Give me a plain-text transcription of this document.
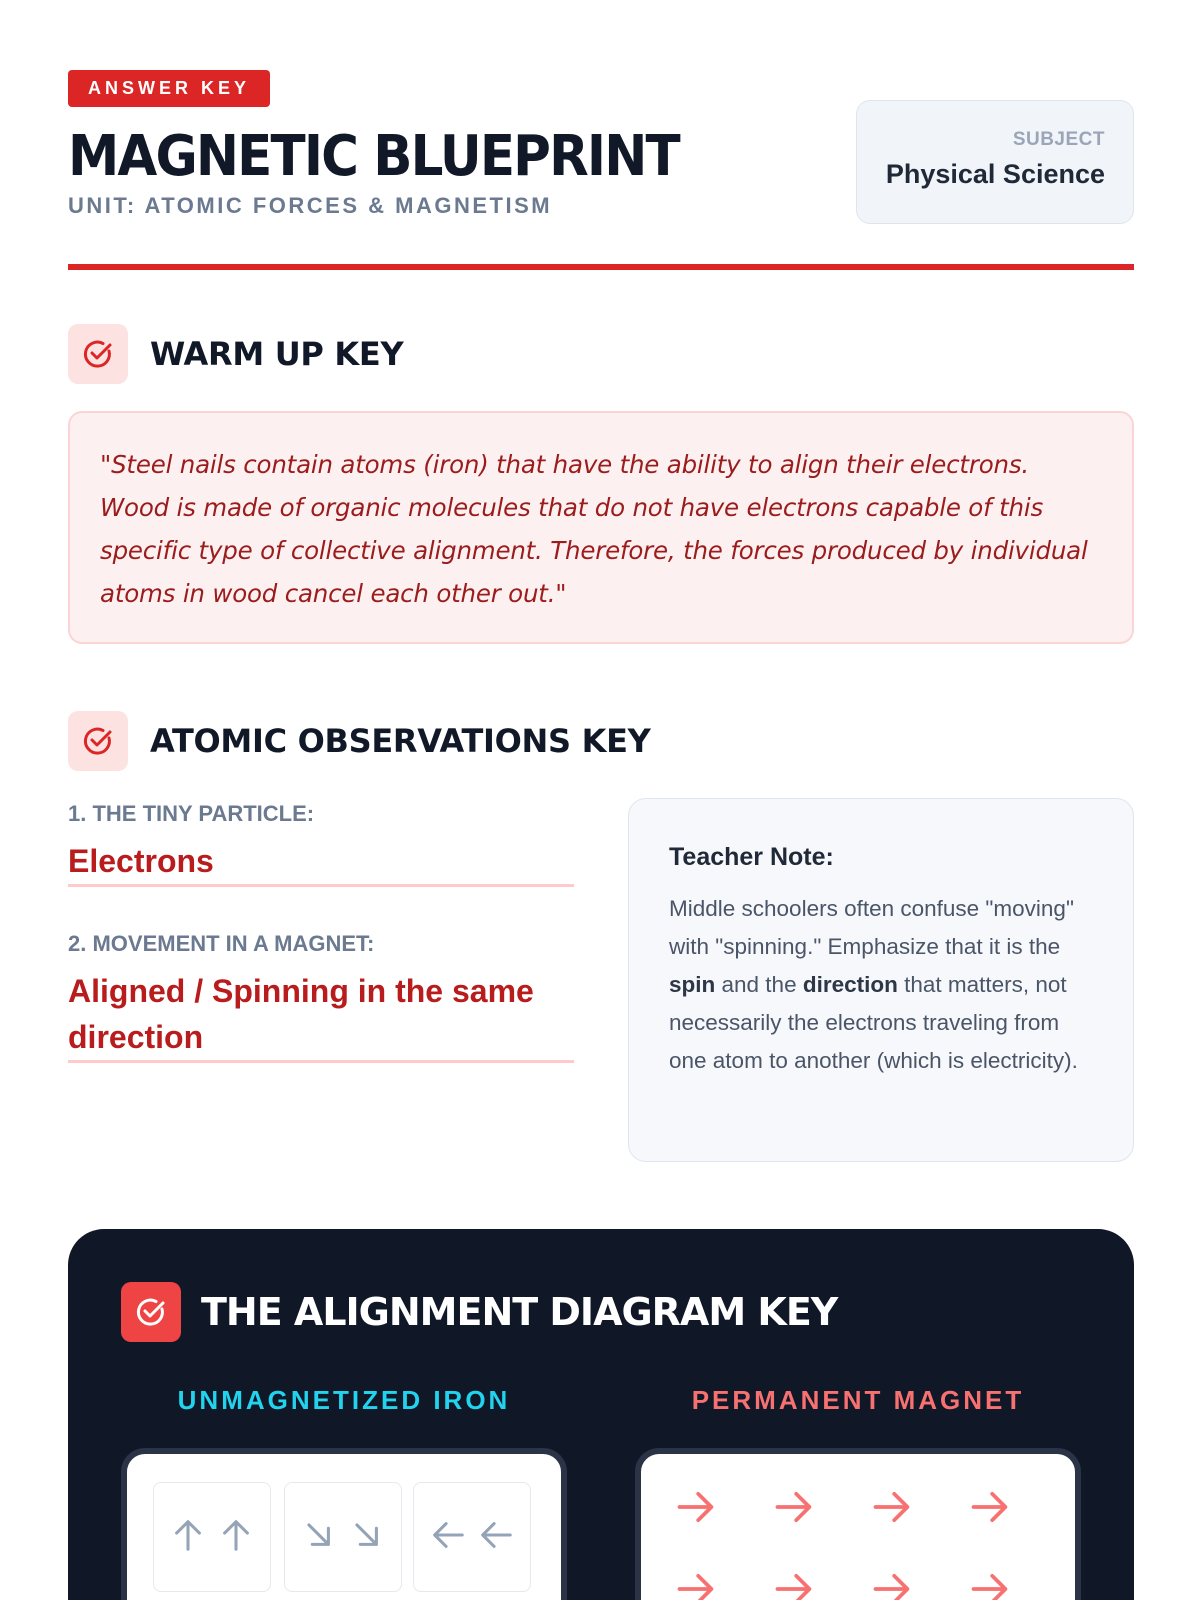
ANSWER KEY
MAGNETIC BLUEPRINT
UNIT: ATOMIC FORCES & MAGNETISM
SUBJECT
Physical Science
WARM UP KEY
"Steel nails contain atoms (iron) that have the ability to align their electrons. Wood is made of organic molecules that do not have electrons capable of this specific type of collective alignment. Therefore, the forces produced by individual atoms in wood cancel each other out."
ATOMIC OBSERVATIONS KEY
1. THE TINY PARTICLE:
Electrons
2. MOVEMENT IN A MAGNET:
Aligned / Spinning in the same direction
Teacher Note:
Middle schoolers often confuse "moving" with "spinning." Emphasize that it is the spin and the direction that matters, not necessarily the electrons traveling from one atom to another (which is electricity).
THE ALIGNMENT DIAGRAM KEY
UNMAGNETIZED IRON	PERMANENT MAGNET
